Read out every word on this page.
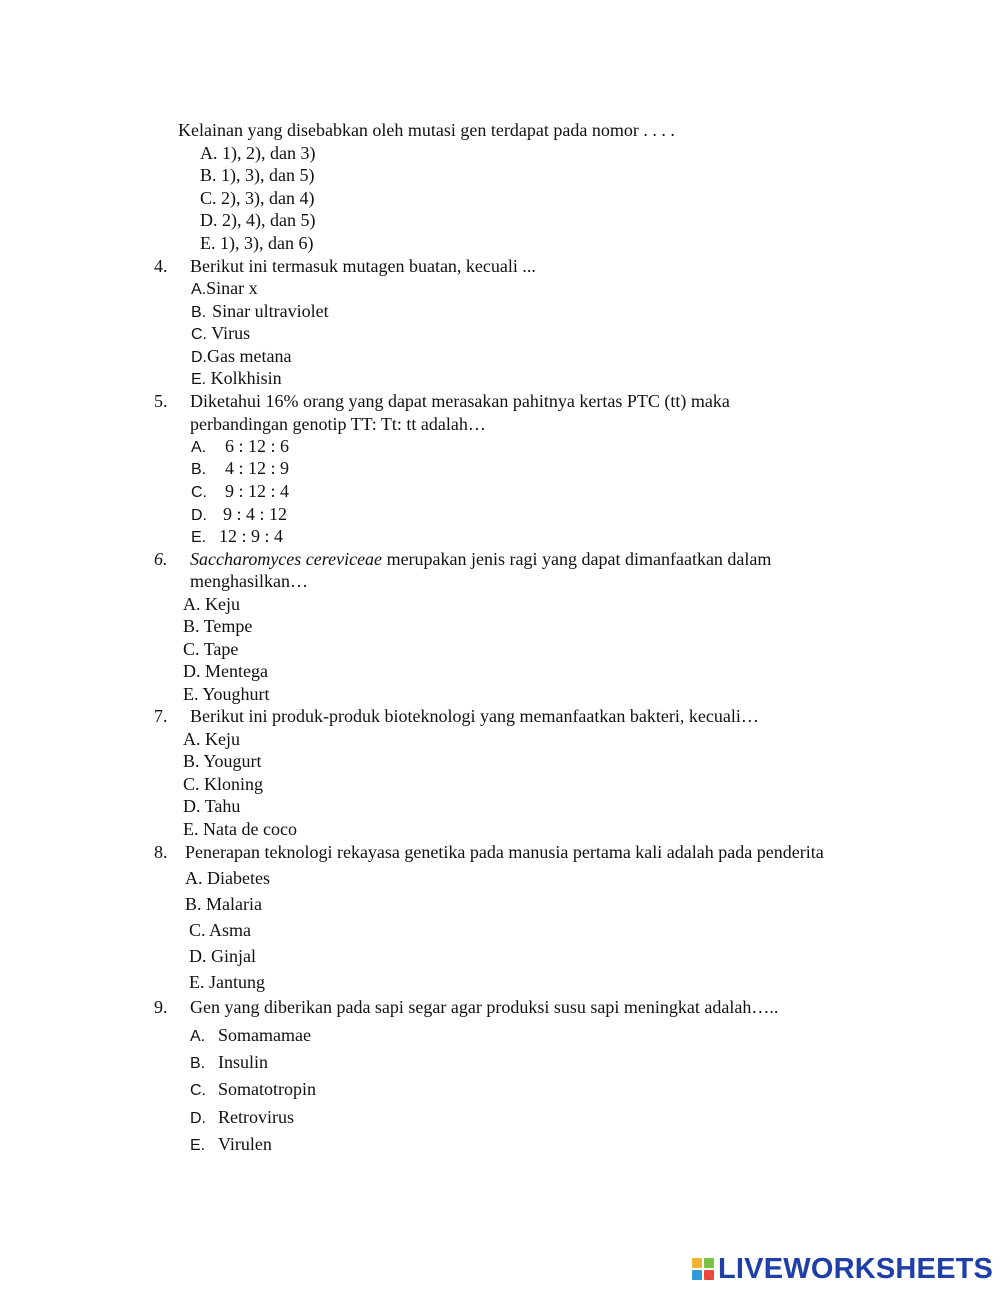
Kelainan yang disebabkan oleh mutasi gen terdapat pada nomor . . . .
A. 1), 2), dan 3)
B. 1), 3), dan 5)
C. 2), 3), dan 4)
D. 2), 4), dan 5)
E. 1), 3), dan 6)
4. Berikut ini termasuk mutagen buatan, kecuali ...
A.Sinar x
B. Sinar ultraviolet
C. Virus
D.Gas metana
E. Kolkhisin
5. Diketahui 16% orang yang dapat merasakan pahitnya kertas PTC (tt) maka
perbandingan genotip TT: Tt: tt adalah…
A. 6 : 12 : 6
B. 4 : 12 : 9
C. 9 : 12 : 4
D. 9 : 4 : 12
E. 12 : 9 : 4
6. Saccharomyces cereviceae merupakan jenis ragi yang dapat dimanfaatkan dalam
menghasilkan…
A. Keju
B. Tempe
C. Tape
D. Mentega
E. Youghurt
7. Berikut ini produk-produk bioteknologi yang memanfaatkan bakteri, kecuali…
A. Keju
B. Yougurt
C. Kloning
D. Tahu
E. Nata de coco
8. Penerapan teknologi rekayasa genetika pada manusia pertama kali adalah pada penderita
A. Diabetes
B. Malaria
C. Asma
D. Ginjal
E. Jantung
9. Gen yang diberikan pada sapi segar agar produksi susu sapi meningkat adalah…..
A. Somamamae
B. Insulin
C. Somatotropin
D. Retrovirus
E. Virulen
LIVEWORKSHEETS
